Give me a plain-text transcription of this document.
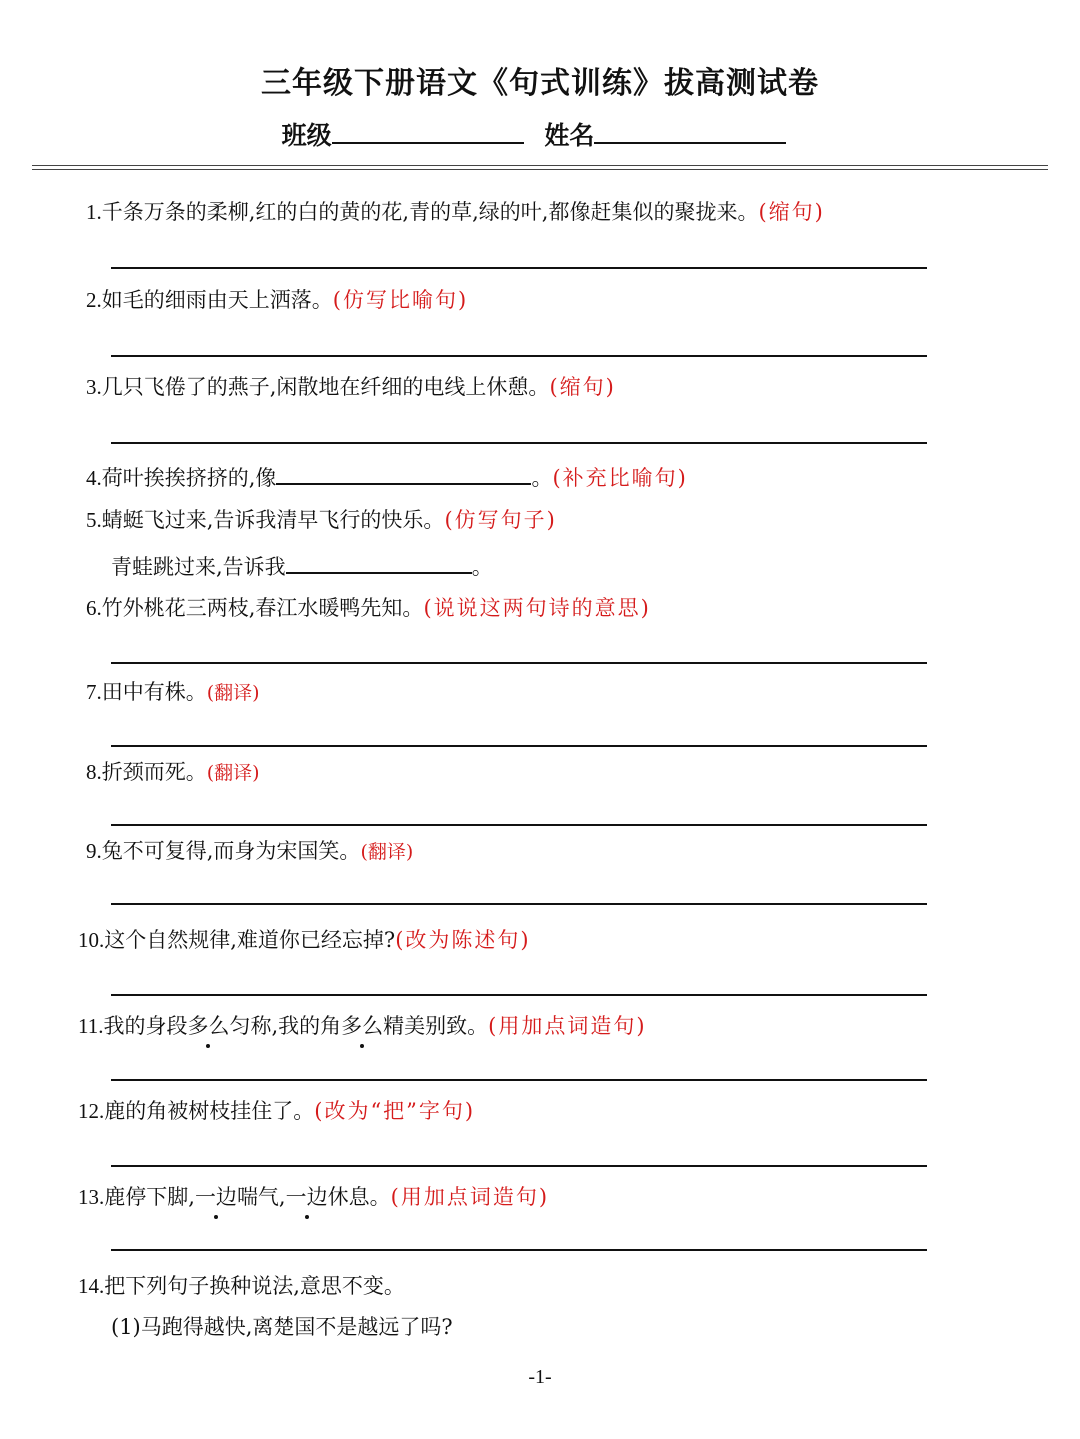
三年级下册语文《句式训练》拔高测试卷
班级	姓名
1.千条万条的柔柳,红的白的黄的花,青的草,绿的叶,都像赶集似的聚拢来。(缩句)
2.如毛的细雨由天上洒落。(仿写比喻句)
3.几只飞倦了的燕子,闲散地在纤细的电线上休憩。(缩句)
4.荷叶挨挨挤挤的,像	。(补充比喻句)
5.蜻蜓飞过来,告诉我清早飞行的快乐。(仿写句子)
青蛙跳过来,告诉我	。
6.竹外桃花三两枝,春江水暖鸭先知。(说说这两句诗的意思)
7.田中有株。(翻译)
8.折颈而死。(翻译)
9.兔不可复得,而身为宋国笑。(翻译)
10.这个自然规律,难道你已经忘掉?(改为陈述句)
11.我的身段多么匀称,我的角多么精美别致。(用加点词造句)
12.鹿的角被树枝挂住了。(改为“把”字句)
13.鹿停下脚,一边喘气,一边休息。(用加点词造句)
14.把下列句子换种说法,意思不变。
(1)马跑得越快,离楚国不是越远了吗?
-1-
